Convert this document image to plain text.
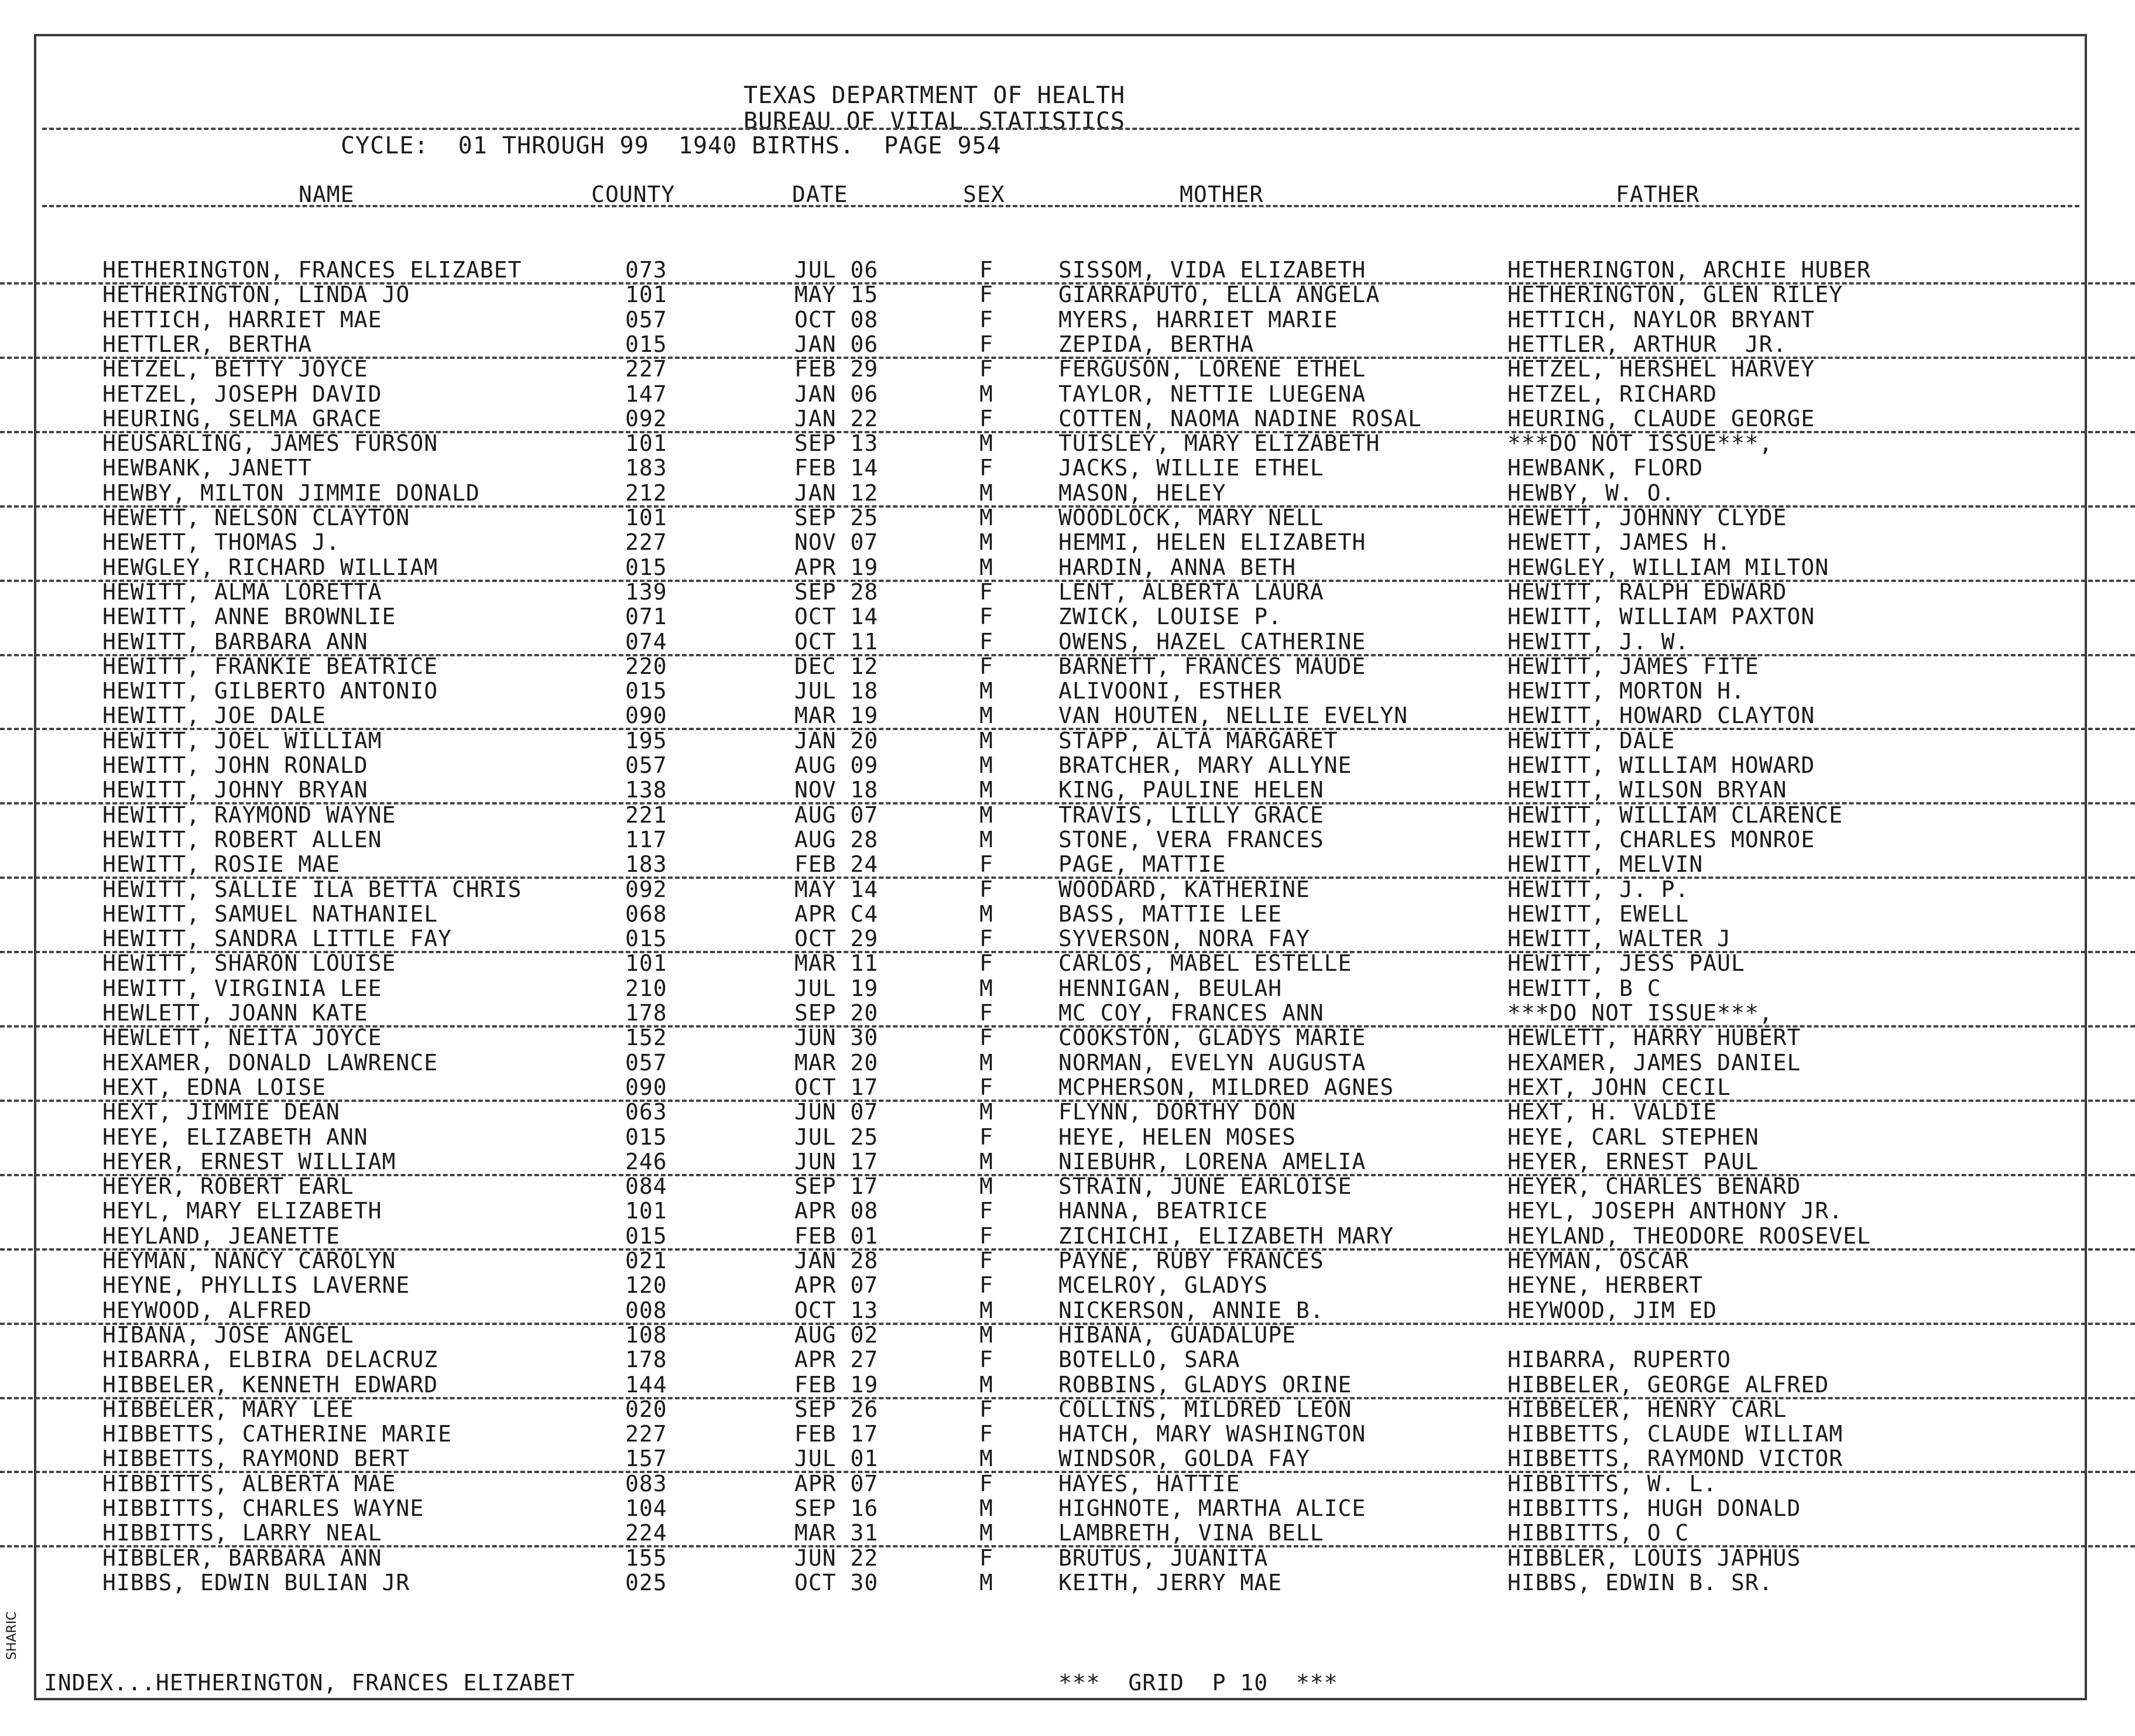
TEXAS DEPARTMENT OF HEALTH
BUREAU OF VITAL STATISTICS
CYCLE:  01 THROUGH 99  1940 BIRTHS.  PAGE 954
NAME	COUNTY	DATE	SEX	MOTHER	FATHER
HETHERINGTON, FRANCES ELIZABET	073	JUL 06	F	SISSOM, VIDA ELIZABETH	HETHERINGTON, ARCHIE HUBER
HETHERINGTON, LINDA JO	101	MAY 15	F	GIARRAPUTO, ELLA ANGELA	HETHERINGTON, GLEN RILEY
HETTICH, HARRIET MAE	057	OCT 08	F	MYERS, HARRIET MARIE	HETTICH, NAYLOR BRYANT
HETTLER, BERTHA	015	JAN 06	F	ZEPIDA, BERTHA	HETTLER, ARTHUR  JR.
HETZEL, BETTY JOYCE	227	FEB 29	F	FERGUSON, LORENE ETHEL	HETZEL, HERSHEL HARVEY
HETZEL, JOSEPH DAVID	147	JAN 06	M	TAYLOR, NETTIE LUEGENA	HETZEL, RICHARD
HEURING, SELMA GRACE	092	JAN 22	F	COTTEN, NAOMA NADINE ROSAL	HEURING, CLAUDE GEORGE
HEUSARLING, JAMES FURSON	101	SEP 13	M	TUISLEY, MARY ELIZABETH	***DO NOT ISSUE***,
HEWBANK, JANETT	183	FEB 14	F	JACKS, WILLIE ETHEL	HEWBANK, FLORD
HEWBY, MILTON JIMMIE DONALD	212	JAN 12	M	MASON, HELEY	HEWBY, W. O.
HEWETT, NELSON CLAYTON	101	SEP 25	M	WOODLOCK, MARY NELL	HEWETT, JOHNNY CLYDE
HEWETT, THOMAS J.	227	NOV 07	M	HEMMI, HELEN ELIZABETH	HEWETT, JAMES H.
HEWGLEY, RICHARD WILLIAM	015	APR 19	M	HARDIN, ANNA BETH	HEWGLEY, WILLIAM MILTON
HEWITT, ALMA LORETTA	139	SEP 28	F	LENT, ALBERTA LAURA	HEWITT, RALPH EDWARD
HEWITT, ANNE BROWNLIE	071	OCT 14	F	ZWICK, LOUISE P.	HEWITT, WILLIAM PAXTON
HEWITT, BARBARA ANN	074	OCT 11	F	OWENS, HAZEL CATHERINE	HEWITT, J. W.
HEWITT, FRANKIE BEATRICE	220	DEC 12	F	BARNETT, FRANCES MAUDE	HEWITT, JAMES FITE
HEWITT, GILBERTO ANTONIO	015	JUL 18	M	ALIVOONI, ESTHER	HEWITT, MORTON H.
HEWITT, JOE DALE	090	MAR 19	M	VAN HOUTEN, NELLIE EVELYN	HEWITT, HOWARD CLAYTON
HEWITT, JOEL WILLIAM	195	JAN 20	M	STAPP, ALTA MARGARET	HEWITT, DALE
HEWITT, JOHN RONALD	057	AUG 09	M	BRATCHER, MARY ALLYNE	HEWITT, WILLIAM HOWARD
HEWITT, JOHNY BRYAN	138	NOV 18	M	KING, PAULINE HELEN	HEWITT, WILSON BRYAN
HEWITT, RAYMOND WAYNE	221	AUG 07	M	TRAVIS, LILLY GRACE	HEWITT, WILLIAM CLARENCE
HEWITT, ROBERT ALLEN	117	AUG 28	M	STONE, VERA FRANCES	HEWITT, CHARLES MONROE
HEWITT, ROSIE MAE	183	FEB 24	F	PAGE, MATTIE	HEWITT, MELVIN
HEWITT, SALLIE ILA BETTA CHRIS	092	MAY 14	F	WOODARD, KATHERINE	HEWITT, J. P.
HEWITT, SAMUEL NATHANIEL	068	APR C4	M	BASS, MATTIE LEE	HEWITT, EWELL
HEWITT, SANDRA LITTLE FAY	015	OCT 29	F	SYVERSON, NORA FAY	HEWITT, WALTER J
HEWITT, SHARON LOUISE	101	MAR 11	F	CARLOS, MABEL ESTELLE	HEWITT, JESS PAUL
HEWITT, VIRGINIA LEE	210	JUL 19	M	HENNIGAN, BEULAH	HEWITT, B C
HEWLETT, JOANN KATE	178	SEP 20	F	MC COY, FRANCES ANN	***DO NOT ISSUE***,
HEWLETT, NEITA JOYCE	152	JUN 30	F	COOKSTON, GLADYS MARIE	HEWLETT, HARRY HUBERT
HEXAMER, DONALD LAWRENCE	057	MAR 20	M	NORMAN, EVELYN AUGUSTA	HEXAMER, JAMES DANIEL
HEXT, EDNA LOISE	090	OCT 17	F	MCPHERSON, MILDRED AGNES	HEXT, JOHN CECIL
HEXT, JIMMIE DEAN	063	JUN 07	M	FLYNN, DORTHY DON	HEXT, H. VALDIE
HEYE, ELIZABETH ANN	015	JUL 25	F	HEYE, HELEN MOSES	HEYE, CARL STEPHEN
HEYER, ERNEST WILLIAM	246	JUN 17	M	NIEBUHR, LORENA AMELIA	HEYER, ERNEST PAUL
HEYER, ROBERT EARL	084	SEP 17	M	STRAIN, JUNE EARLOISE	HEYER, CHARLES BENARD
HEYL, MARY ELIZABETH	101	APR 08	F	HANNA, BEATRICE	HEYL, JOSEPH ANTHONY JR.
HEYLAND, JEANETTE	015	FEB 01	F	ZICHICHI, ELIZABETH MARY	HEYLAND, THEODORE ROOSEVEL
HEYMAN, NANCY CAROLYN	021	JAN 28	F	PAYNE, RUBY FRANCES	HEYMAN, OSCAR
HEYNE, PHYLLIS LAVERNE	120	APR 07	F	MCELROY, GLADYS	HEYNE, HERBERT
HEYWOOD, ALFRED	008	OCT 13	M	NICKERSON, ANNIE B.	HEYWOOD, JIM ED
HIBANA, JOSE ANGEL	108	AUG 02	M	HIBANA, GUADALUPE
HIBARRA, ELBIRA DELACRUZ	178	APR 27	F	BOTELLO, SARA	HIBARRA, RUPERTO
HIBBELER, KENNETH EDWARD	144	FEB 19	M	ROBBINS, GLADYS ORINE	HIBBELER, GEORGE ALFRED
HIBBELER, MARY LEE	020	SEP 26	F	COLLINS, MILDRED LEON	HIBBELER, HENRY CARL
HIBBETTS, CATHERINE MARIE	227	FEB 17	F	HATCH, MARY WASHINGTON	HIBBETTS, CLAUDE WILLIAM
HIBBETTS, RAYMOND BERT	157	JUL 01	M	WINDSOR, GOLDA FAY	HIBBETTS, RAYMOND VICTOR
HIBBITTS, ALBERTA MAE	083	APR 07	F	HAYES, HATTIE	HIBBITTS, W. L.
HIBBITTS, CHARLES WAYNE	104	SEP 16	M	HIGHNOTE, MARTHA ALICE	HIBBITTS, HUGH DONALD
HIBBITTS, LARRY NEAL	224	MAR 31	M	LAMBRETH, VINA BELL	HIBBITTS, O C
HIBBLER, BARBARA ANN	155	JUN 22	F	BRUTUS, JUANITA	HIBBLER, LOUIS JAPHUS
HIBBS, EDWIN BULIAN JR	025	OCT 30	M	KEITH, JERRY MAE	HIBBS, EDWIN B. SR.
INDEX...HETHERINGTON, FRANCES ELIZABET	***  GRID  P 10  ***
SHARIC
